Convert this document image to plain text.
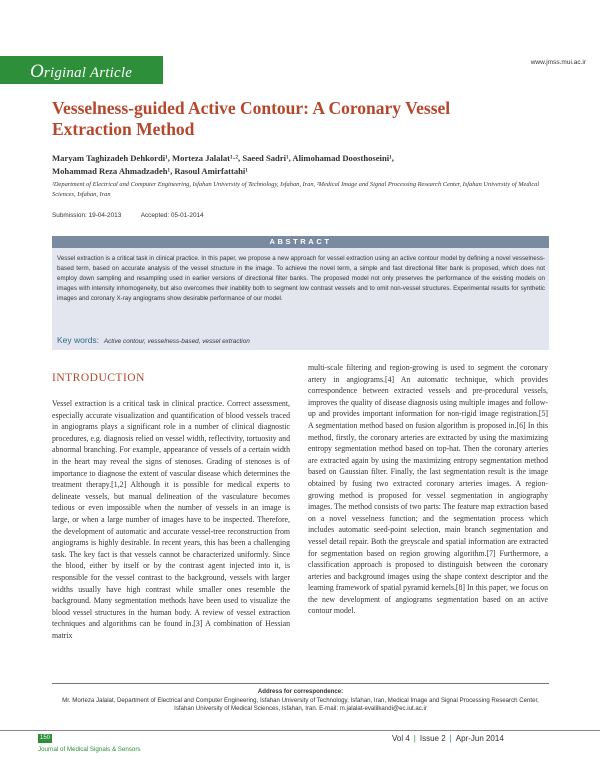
Original Article
www.jmss.mui.ac.ir
Vesselness-guided Active Contour: A Coronary Vessel Extraction Method
Maryam Taghizadeh Dehkordi¹, Morteza Jalalat¹·², Saeed Sadri¹, Alimohamad Doosthoseini¹,
Mohammad Reza Ahmadzadeh¹, Rasoul Amirfattahi¹
¹Department of Electrical and Computer Engineering, Isfahan University of Technology, Isfahan, Iran, ²Medical Image and Signal Processing Research Center, Isfahan University of Medical Sciences, Isfahan, Iran
Submission: 19-04-2013	Accepted: 05-01-2014
ABSTRACT
Vessel extraction is a critical task in clinical practice. In this paper, we propose a new approach for vessel extraction using an active contour model by defining a novel vesselness-based term, based on accurate analysis of the vessel structure in the image. To achieve the novel term, a simple and fast directional filter bank is proposed, which does not employ down sampling and resampling used in earlier versions of directional filter banks. The proposed model not only preserves the performance of the existing models on images with intensity inhomogeneity, but also overcomes their inability both to segment low contrast vessels and to omit non-vessel structures. Experimental results for synthetic images and coronary X-ray angiograms show desirable performance of our model.
Key words: Active contour, vesselness-based, vessel extraction
INTRODUCTION
Vessel extraction is a critical task in clinical practice. Correct assessment, especially accurate visualization and quantification of blood vessels traced in angiograms plays a significant role in a number of clinical diagnostic procedures, e.g. diagnosis relied on vessel width, reflectivity, tortuosity and abnormal branching. For example, appearance of vessels of a certain width in the heart may reveal the signs of stenoses. Grading of stenoses is of importance to diagnose the extent of vascular disease which determines the treatment therapy.[1,2] Although it is possible for medical experts to delineate vessels, but manual delineation of the vasculature becomes tedious or even impossible when the number of vessels in an image is large, or when a large number of images have to be inspected. Therefore, the development of automatic and accurate vessel-tree reconstruction from angiograms is highly desirable. In recent years, this has been a challenging task. The key fact is that vessels cannot be characterized uniformly. Since the blood, either by itself or by the contrast agent injected into it, is responsible for the vessel contrast to the background, vessels with larger widths usually have high contrast while smaller ones resemble the background. Many segmentation methods have been used to visualize the blood vessel structures in the human body. A review of vessel extraction techniques and algorithms can be found in.[3] A combination of Hessian matrix
multi-scale filtering and region-growing is used to segment the coronary artery in angiograms.[4] An automatic technique, which provides correspondence between extracted vessels and pre-procedural vessels, improves the quality of disease diagnosis using multiple images and follow-up and provides important information for non-rigid image registration.[5] A segmentation method based on fusion algorithm is proposed in.[6] In this method, firstly, the coronary arteries are extracted by using the maximizing entropy segmentation method based on top-hat. Then the coronary arteries are extracted again by using the maximizing entropy segmentation method based on Gaussian filter. Finally, the last segmentation result is the image obtained by fusing two extracted coronary arteries images. A region-growing method is proposed for vessel segmentation in angiography images. The method consists of two parts: The feature map extraction based on a novel vesselness function; and the segmentation process which includes automatic seed-point selection, main branch segmentation and vessel detail repair. Both the greyscale and spatial information are extracted for segmentation based on region growing algorithm.[7] Furthermore, a classification approach is proposed to distinguish between the coronary arteries and background images using the shape context descriptor and the learning framework of spatial pyramid kernels.[8] In this paper, we focus on the new development of angiograms segmentation based on an active contour model.
Address for correspondence:
Mr. Morteza Jalalat, Department of Electrical and Computer Engineering, Isfahan University of Technology, Isfahan, Iran, Medical Image and Signal Processing Research Center, Isfahan University of Medical Sciences, Isfahan, Iran. E-mail: m.jalalat-evalilkandi@ec.iut.ac.ir
150	Vol 4 | Issue 2 | Apr-Jun 2014
Journal of Medical Signals & Sensors
